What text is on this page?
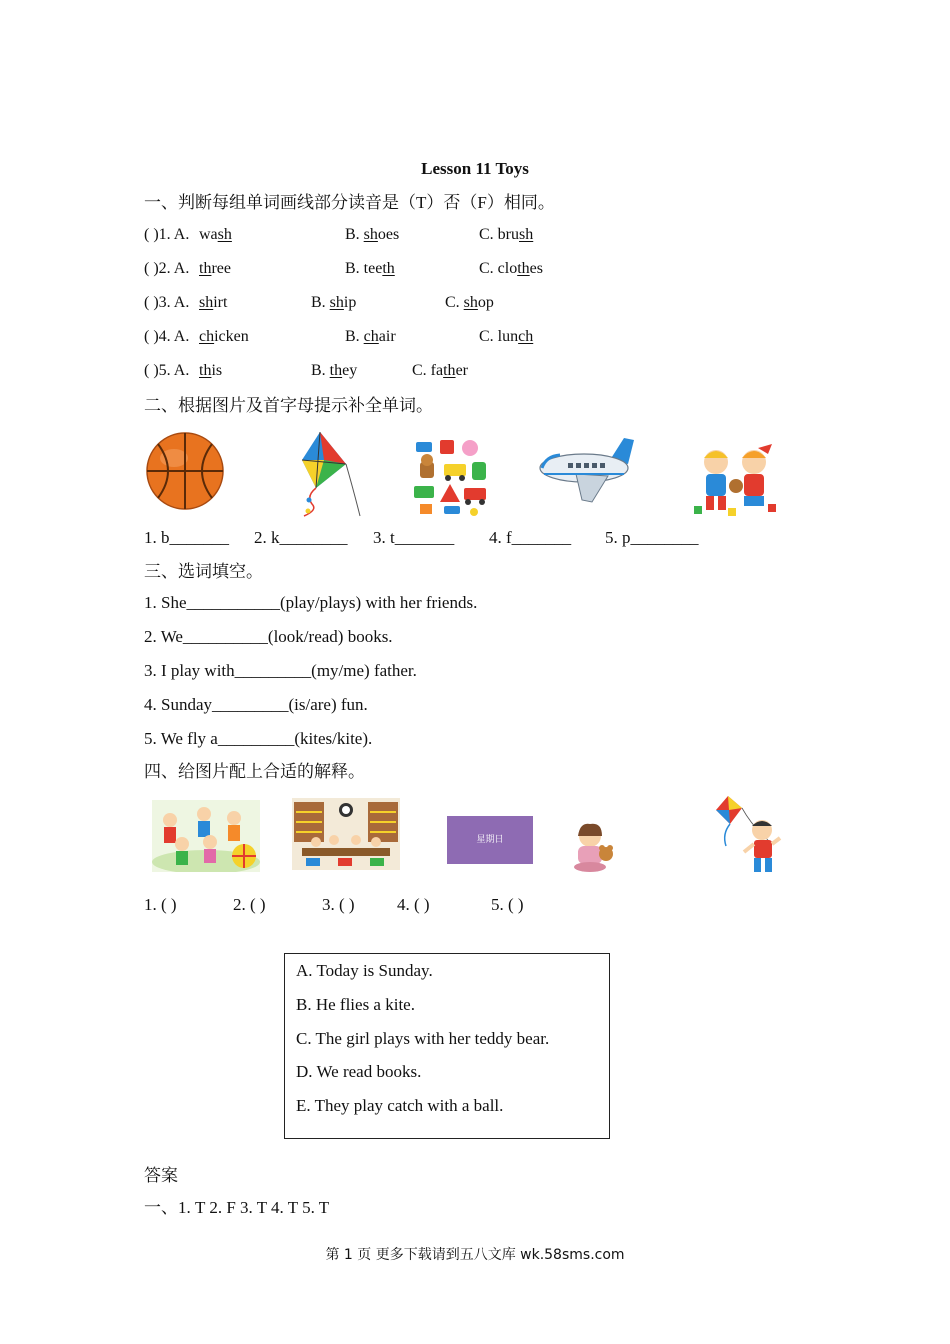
Lesson 11 Toys
一、判断每组单词画线部分读音是（T）否（F）相同。
( )1. A. wash	B. shoes	C. brush
( )2. A. three	B. teeth	C. clothes
( )3. A. shirt	B. ship	C. shop
( )4. A. chicken	B. chair	C. lunch
( )5. A. this	B. they	C. father
二、根据图片及首字母提示补全单词。
1. b_______ 2. k________ 3. t_______ 4. f_______ 5. p________
三、选词填空。
1. She___________(play/plays) with her friends.
2. We__________(look/read) books.
3. I play with_________(my/me) father.
4. Sunday_________(is/are) fun.
5. We fly a_________(kites/kite).
四、给图片配上合适的解释。
星期日
1. ( )	2. ( )	3. ( ) 4. ( )	5. ( )
A. Today is Sunday.
B. He flies a kite.
C. The girl plays with her teddy bear.
D. We read books.
E. They play catch with a ball.
答案
一、1. T 2. F 3. T 4. T 5. T
第 1 页 更多下载请到五八文库 wk.58sms.com
